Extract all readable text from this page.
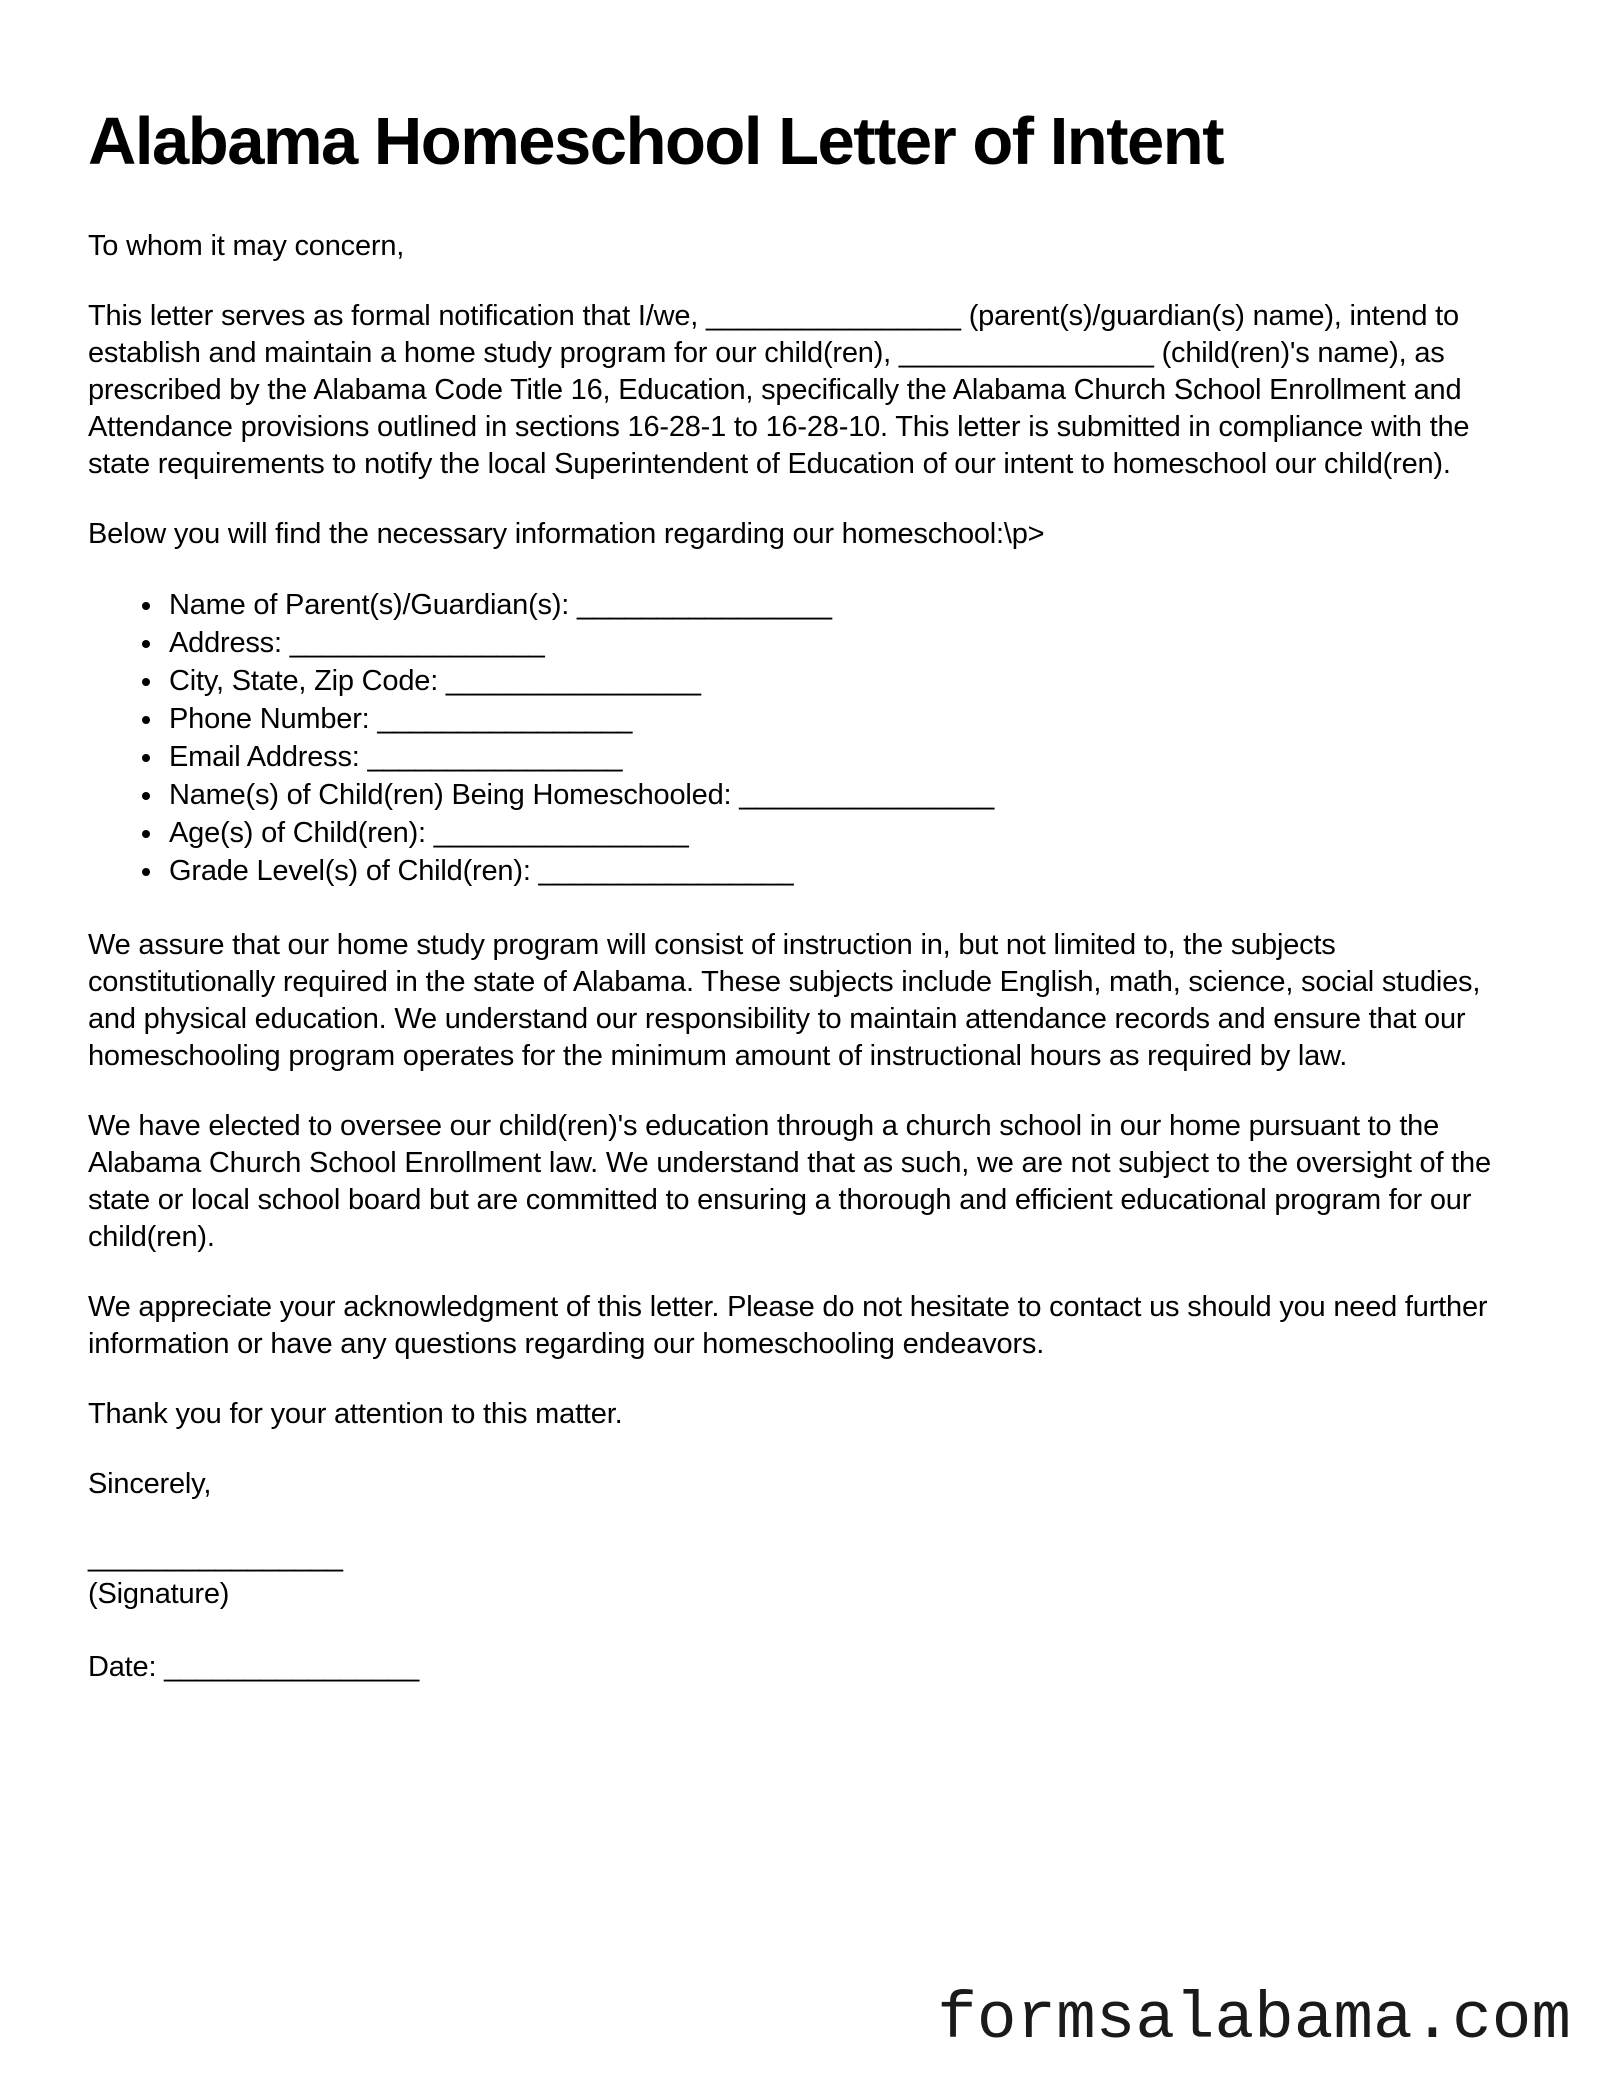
Alabama Homeschool Letter of Intent

To whom it may concern,

This letter serves as formal notification that I/we, ________________ (parent(s)/guardian(s) name), intend to establish and maintain a home study program for our child(ren), ________________ (child(ren)'s name), as prescribed by the Alabama Code Title 16, Education, specifically the Alabama Church School Enrollment and Attendance provisions outlined in sections 16-28-1 to 16-28-10. This letter is submitted in compliance with the state requirements to notify the local Superintendent of Education of our intent to homeschool our child(ren).

Below you will find the necessary information regarding our homeschool:\p>

• Name of Parent(s)/Guardian(s): ________________
• Address: ________________
• City, State, Zip Code: ________________
• Phone Number: ________________
• Email Address: ________________
• Name(s) of Child(ren) Being Homeschooled: ________________
• Age(s) of Child(ren): ________________
• Grade Level(s) of Child(ren): ________________

We assure that our home study program will consist of instruction in, but not limited to, the subjects constitutionally required in the state of Alabama. These subjects include English, math, science, social studies, and physical education. We understand our responsibility to maintain attendance records and ensure that our homeschooling program operates for the minimum amount of instructional hours as required by law.

We have elected to oversee our child(ren)'s education through a church school in our home pursuant to the Alabama Church School Enrollment law. We understand that as such, we are not subject to the oversight of the state or local school board but are committed to ensuring a thorough and efficient educational program for our child(ren).

We appreciate your acknowledgment of this letter. Please do not hesitate to contact us should you need further information or have any questions regarding our homeschooling endeavors.

Thank you for your attention to this matter.

Sincerely,

________________
(Signature)

Date: ________________

formsalabama.com
